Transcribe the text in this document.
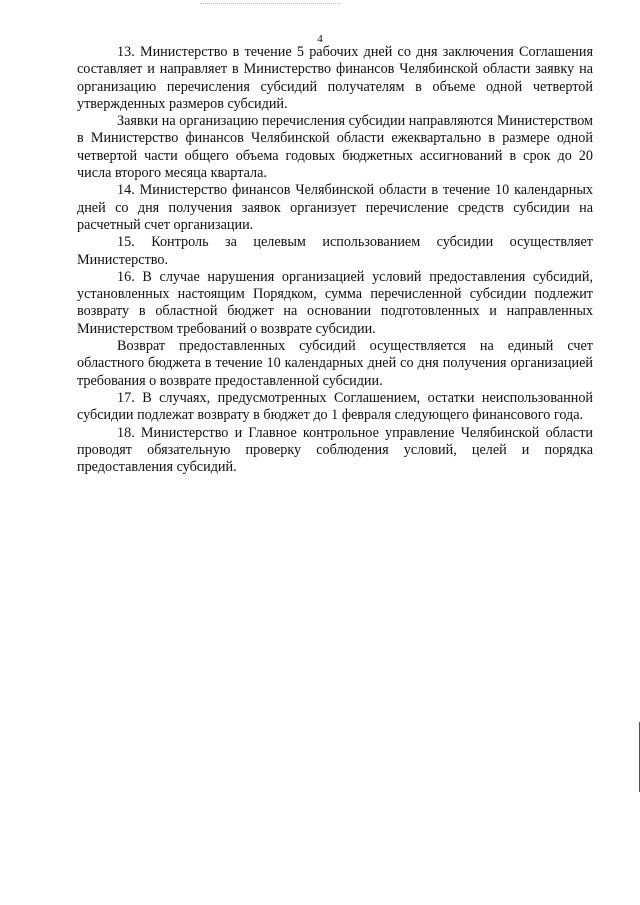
4

13. Министерство в течение 5 рабочих дней со дня заключения Соглашения составляет и направляет в Министерство финансов Челябинской области заявку на организацию перечисления субсидий получателям в объеме одной четвертой утвержденных размеров субсидий.

Заявки на организацию перечисления субсидии направляются Министерством в Министерство финансов Челябинской области ежеквартально в размере одной четвертой части общего объема годовых бюджетных ассигнований в срок до 20 числа второго месяца квартала.

14. Министерство финансов Челябинской области в течение 10 календарных дней со дня получения заявок организует перечисление средств субсидии на расчетный счет организации.

15. Контроль за целевым использованием субсидии осуществляет Министерство.

16. В случае нарушения организацией условий предоставления субсидий, установленных настоящим Порядком, сумма перечисленной субсидии подлежит возврату в областной бюджет на основании подготовленных и направленных Министерством требований о возврате субсидии.

Возврат предоставленных субсидий осуществляется на единый счет областного бюджета в течение 10 календарных дней со дня получения организацией требования о возврате предоставленной субсидии.

17. В случаях, предусмотренных Соглашением, остатки неиспользованной субсидии подлежат возврату в бюджет до 1 февраля следующего финансового года.

18. Министерство и Главное контрольное управление Челябинской области проводят обязательную проверку соблюдения условий, целей и порядка предоставления субсидий.
